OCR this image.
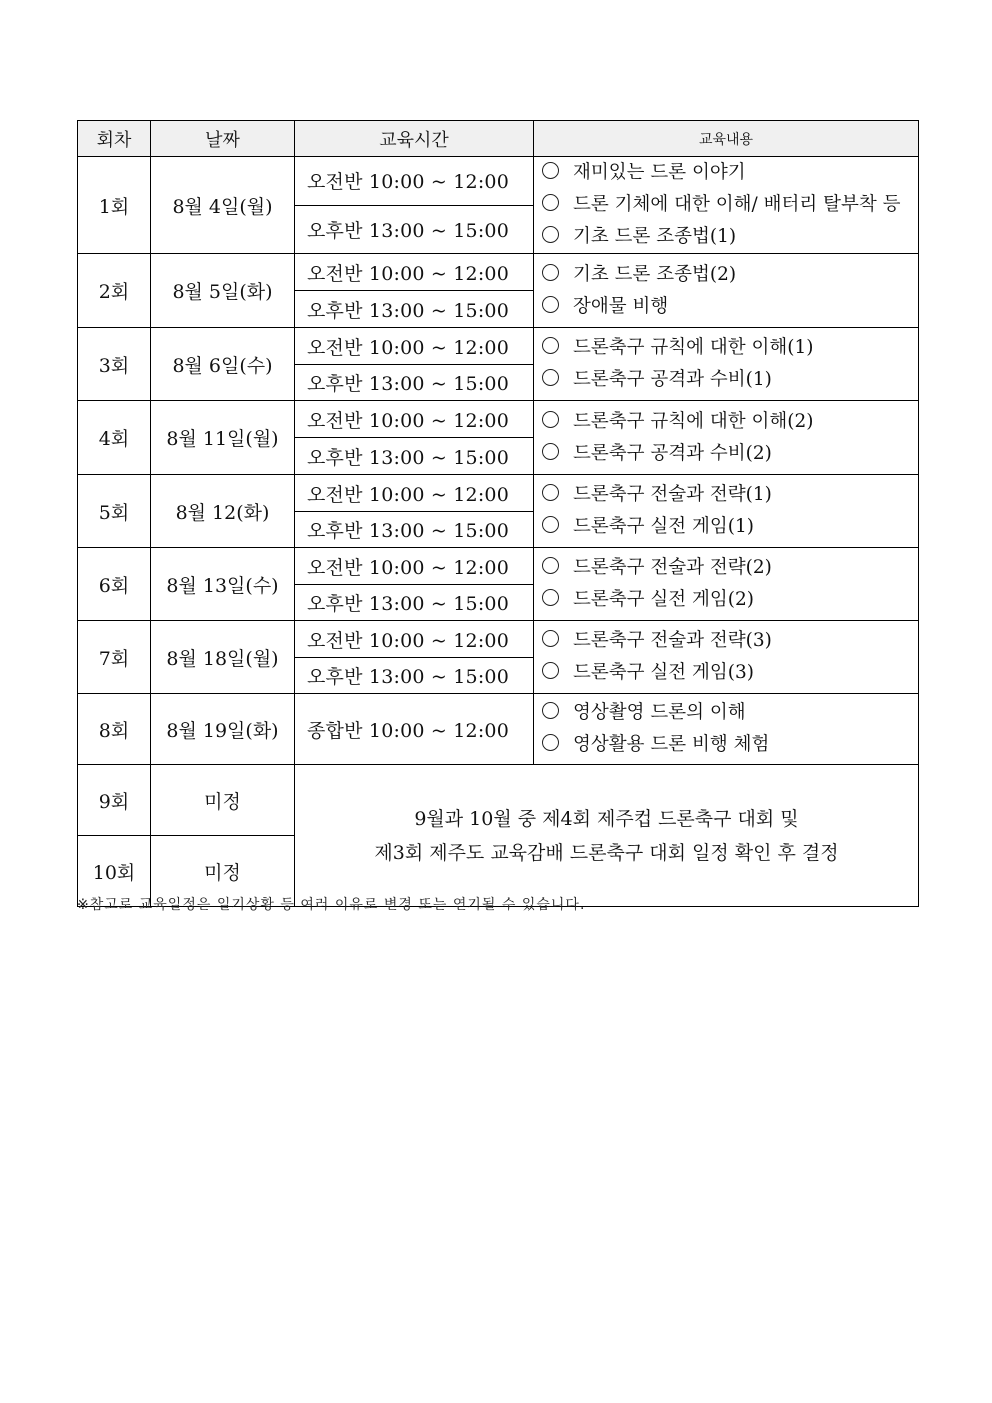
회차	날짜	교육시간	교육내용
1회	8월 4일(월)	오전반 10:00 ~ 12:00	재미있는 드론 이야기
드론 기체에 대한 이해/ 배터리 탈부착 등
기초 드론 조종법(1)

		오후반 13:00 ~ 15:00	
2회	8월 5일(화)	오전반 10:00 ~ 12:00	기초 드론 조종법(2)
장애물 비행

		오후반 13:00 ~ 15:00	
3회	8월 6일(수)	오전반 10:00 ~ 12:00	드론축구 규칙에 대한 이해(1)
드론축구 공격과 수비(1)

		오후반 13:00 ~ 15:00	
4회	8월 11일(월)	오전반 10:00 ~ 12:00	드론축구 규칙에 대한 이해(2)
드론축구 공격과 수비(2)

		오후반 13:00 ~ 15:00	
5회	8월 12(화)	오전반 10:00 ~ 12:00	드론축구 전술과 전략(1)
드론축구 실전 게임(1)

		오후반 13:00 ~ 15:00	
6회	8월 13일(수)	오전반 10:00 ~ 12:00	드론축구 전술과 전략(2)
드론축구 실전 게임(2)

		오후반 13:00 ~ 15:00	
7회	8월 18일(월)	오전반 10:00 ~ 12:00	드론축구 전술과 전략(3)
드론축구 실전 게임(3)

		오후반 13:00 ~ 15:00	
8회	8월 19일(화)	종합반 10:00 ~ 12:00	영상촬영 드론의 이해
영상활용 드론 비행 체험

9회	미정	9월과 10월 중 제4회 제주컵 드론축구 대회 및
제3회 제주도 교육감배 드론축구 대회 일정 확인 후 결정	

10회	미정		
※참고로 교육일정은 일기상황 등 여러 이유로 변경 또는 연기될 수 있습니다.
